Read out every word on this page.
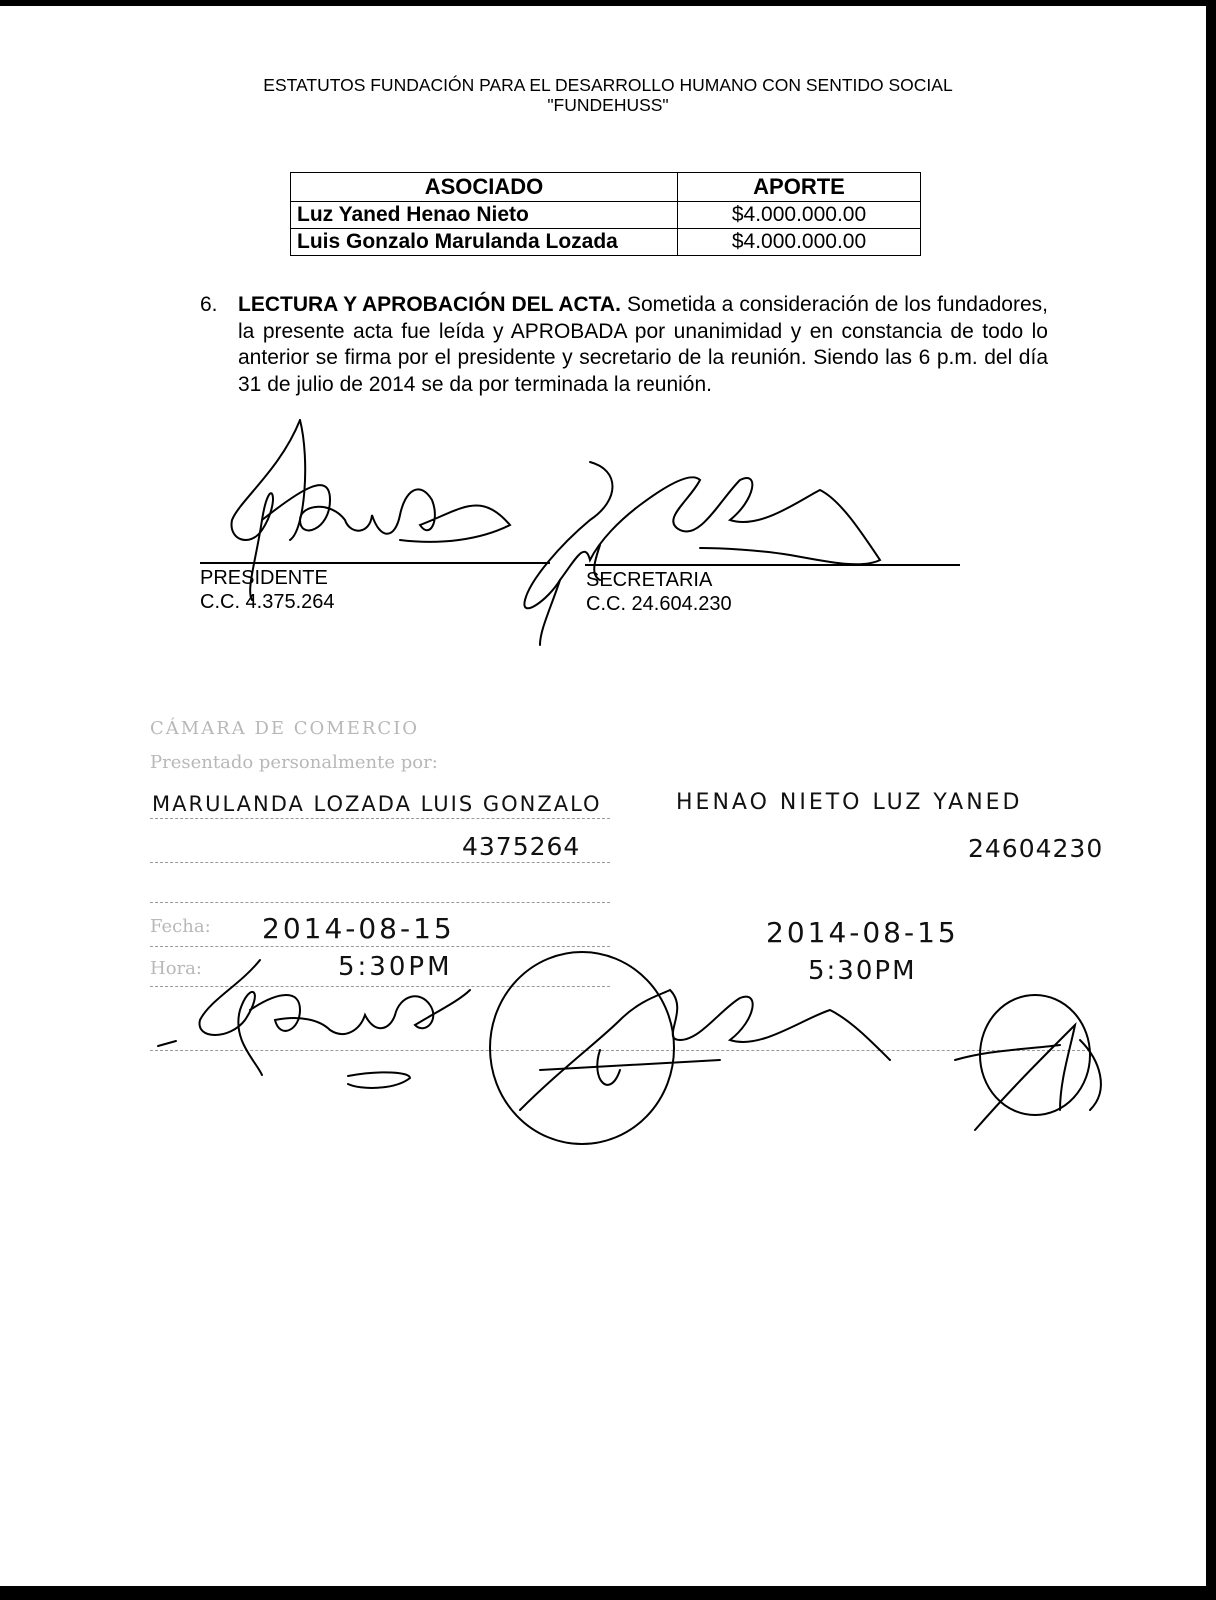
ESTATUTOS FUNDACIÓN PARA EL DESARROLLO HUMANO CON SENTIDO SOCIAL
"FUNDEHUSS"
ASOCIADO	APORTE
Luz Yaned Henao Nieto	$4.000.000.00
Luis Gonzalo Marulanda Lozada	$4.000.000.00
6. LECTURA Y APROBACIÓN DEL ACTA. Sometida a consideración de los fundadores, la presente acta fue leída y APROBADA por unanimidad y en constancia de todo lo anterior se firma por el presidente y secretario de la reunión. Siendo las 6 p.m. del día 31 de julio de 2014 se da por terminada la reunión.
PRESIDENTE
C.C. 4.375.264
SECRETARIA
C.C. 24.604.230
CÁMARA DE COMERCIO
Presentado personalmente por:
Fecha:
Hora:
MARULANDA LOZADA LUIS GONZALO	HENAO NIETO LUZ YANED
4375264	24604230
2014-08-15	2014-08-15
5:30PM	5:30PM
